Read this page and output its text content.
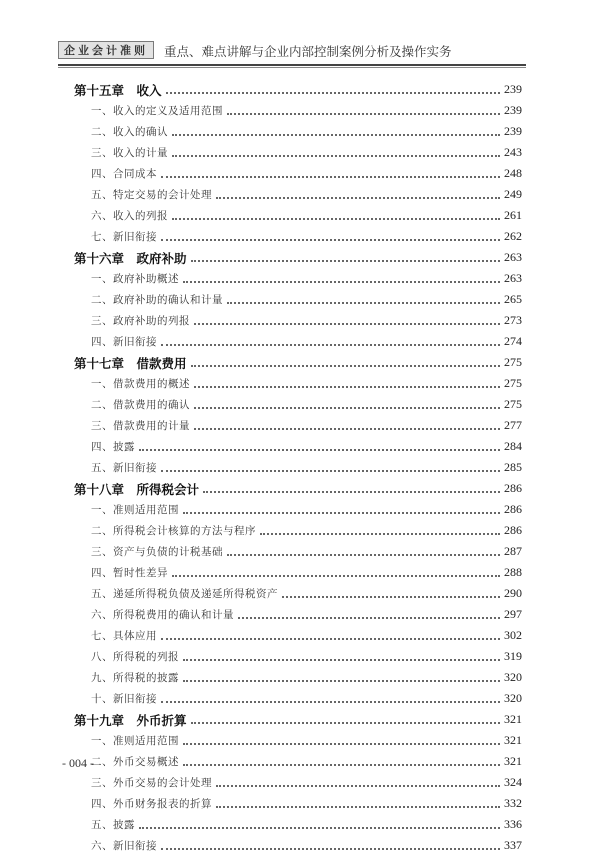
企业会计准则 重点、难点讲解与企业内部控制案例分析及操作实务
第十五章　收入	239
一、收入的定义及适用范围	239
二、收入的确认	239
三、收入的计量	243
四、合同成本	248
五、特定交易的会计处理	249
六、收入的列报	261
七、新旧衔接	262
第十六章　政府补助	263
一、政府补助概述	263
二、政府补助的确认和计量	265
三、政府补助的列报	273
四、新旧衔接	274
第十七章　借款费用	275
一、借款费用的概述	275
二、借款费用的确认	275
三、借款费用的计量	277
四、披露	284
五、新旧衔接	285
第十八章　所得税会计	286
一、准则适用范围	286
二、所得税会计核算的方法与程序	286
三、资产与负债的计税基础	287
四、暂时性差异	288
五、递延所得税负债及递延所得税资产	290
六、所得税费用的确认和计量	297
七、具体应用	302
八、所得税的列报	319
九、所得税的披露	320
十、新旧衔接	320
第十九章　外币折算	321
一、准则适用范围	321
二、外币交易概述	321
三、外币交易的会计处理	324
四、外币财务报表的折算	332
五、披露	336
六、新旧衔接	337
- 004 -
